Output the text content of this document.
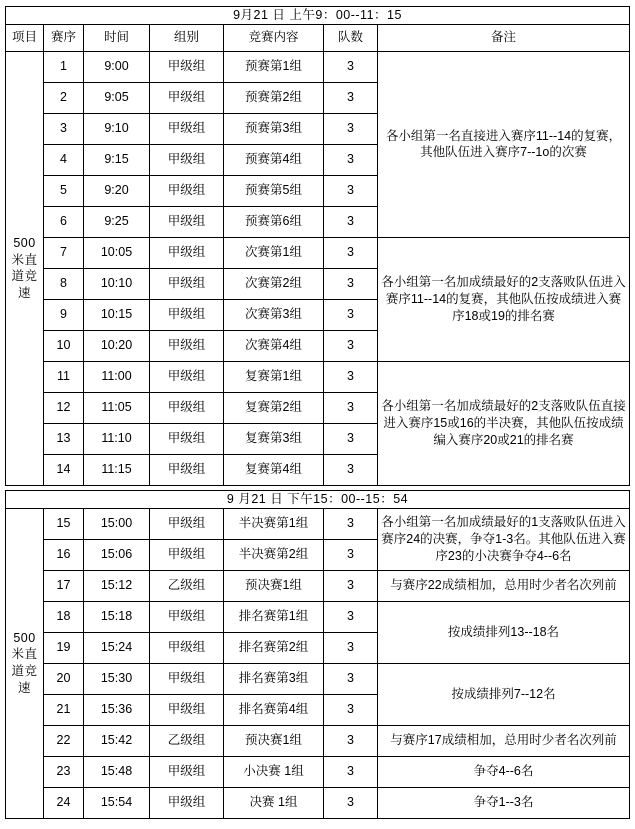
9月21 日 上午9：00--11：15						
项目	赛序	时间	组别	竞赛内容	队数	备注
500米直道竞速	1	9:00	甲级组	预赛第1组	3	各小组第一名直接进入赛序11--14的复赛，其他队伍进入赛序7--1o的次赛
	2	9:05	甲级组	预赛第2组	3	
	3	9:10	甲级组	预赛第3组	3	
	4	9:15	甲级组	预赛第4组	3	
	5	9:20	甲级组	预赛第5组	3	
	6	9:25	甲级组	预赛第6组	3	
	7	10:05	甲级组	次赛第1组	3	各小组第一名加成绩最好的2支落败队伍进入赛序11--14的复赛，其他队伍按成绩进入赛序18或19的排名赛
	8	10:10	甲级组	次赛第2组	3	
	9	10:15	甲级组	次赛第3组	3	
	10	10:20	甲级组	次赛第4组	3	
	11	11:00	甲级组	复赛第1组	3	各小组第一名加成绩最好的2支落败队伍直接进入赛序15或16的半决赛，其他队伍按成绩编入赛序20或21的排名赛
	12	11:05	甲级组	复赛第2组	3	
	13	11:10	甲级组	复赛第3组	3	
	14	11:15	甲级组	复赛第4组	3	
9 月21 日 下午15：00--15：54						
500米直道竞速	15	15:00	甲级组	半决赛第1组	3	各小组第一名加成绩最好的1支落败队伍进入赛序24的决赛，争夺1-3名。其他队伍进入赛序23的小决赛争夺4--6名
	16	15:06	甲级组	半决赛第2组	3	
	17	15:12	乙级组	预决赛1组	3	与赛序22成绩相加，总用时少者名次列前
	18	15:18	甲级组	排名赛第1组	3	按成绩排列13--18名
	19	15:24	甲级组	排名赛第2组	3	
	20	15:30	甲级组	排名赛第3组	3	按成绩排列7--12名
	21	15:36	甲级组	排名赛第4组	3	
	22	15:42	乙级组	预决赛1组	3	与赛序17成绩相加，总用时少者名次列前
	23	15:48	甲级组	小决赛 1组	3	争夺4--6名
	24	15:54	甲级组	决赛 1组	3	争夺1--3名
